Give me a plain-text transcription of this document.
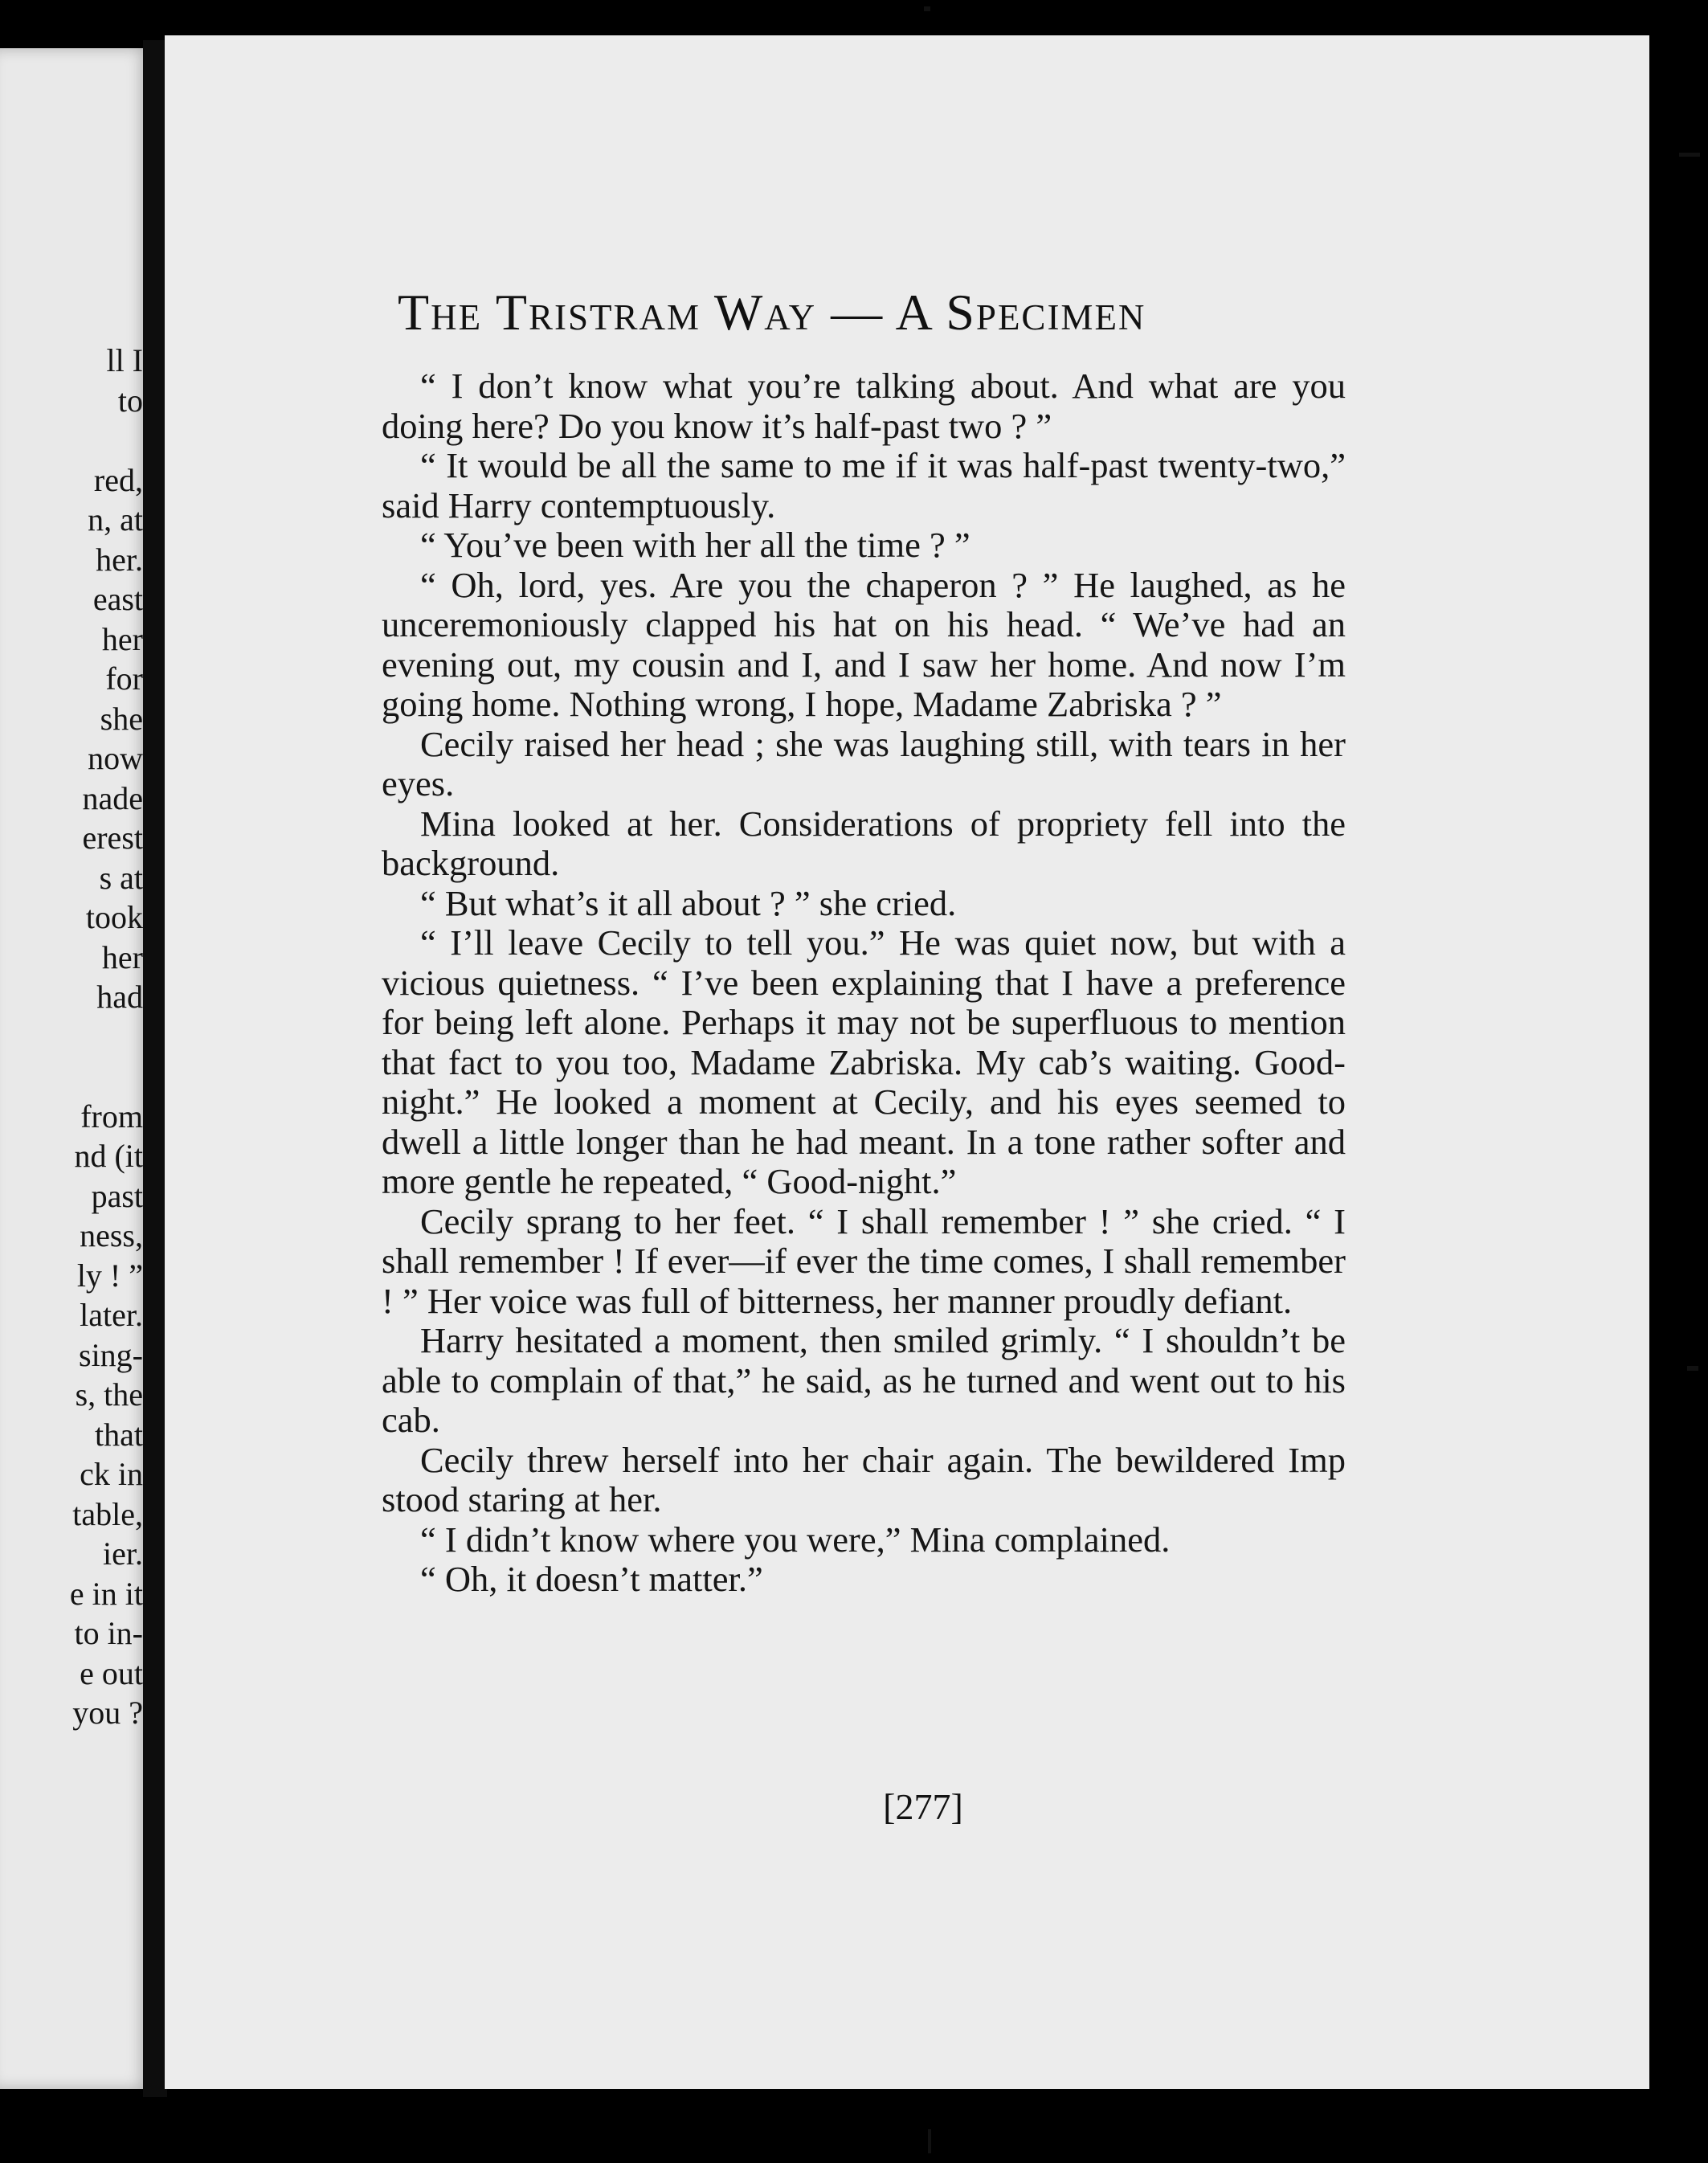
ll I
to
red,
n, at
her.
east
her
for
she
now
nade
erest
s at
took
her
had
from
nd (it
past
ness,
ly ! ”
later.
sing-
s, the
that
ck in
table,
ier.
e in it
to in-
e out
you ?
The Tristram Way — A Specimen

“ I don’t know what you’re talking about. And what are you doing here? Do you know it’s half-past two ? ”

“ It would be all the same to me if it was half-past twenty-two,” said Harry contemptuously.

“ You’ve been with her all the time ? ”

“ Oh, lord, yes. Are you the chaperon ? ” He laughed, as he unceremoniously clapped his hat on his head. “ We’ve had an evening out, my cousin and I, and I saw her home. And now I’m going home. Nothing wrong, I hope, Madame Zabriska ? ”

Cecily raised her head ; she was laughing still, with tears in her eyes.

Mina looked at her. Considerations of propriety fell into the background.

“ But what’s it all about ? ” she cried.

“ I’ll leave Cecily to tell you.” He was quiet now, but with a vicious quietness. “ I’ve been explaining that I have a preference for being left alone. Perhaps it may not be superfluous to mention that fact to you too, Madame Zabriska. My cab’s waiting. Good-night.” He looked a moment at Cecily, and his eyes seemed to dwell a little longer than he had meant. In a tone rather softer and more gentle he repeated, “ Good-night.”

Cecily sprang to her feet. “ I shall remember ! ” she cried. “ I shall remember ! If ever—if ever the time comes, I shall remember ! ” Her voice was full of bitterness, her manner proudly defiant.

Harry hesitated a moment, then smiled grimly. “ I shouldn’t be able to complain of that,” he said, as he turned and went out to his cab.

Cecily threw herself into her chair again. The bewildered Imp stood staring at her.

“ I didn’t know where you were,” Mina complained.

“ Oh, it doesn’t matter.”

[277]
